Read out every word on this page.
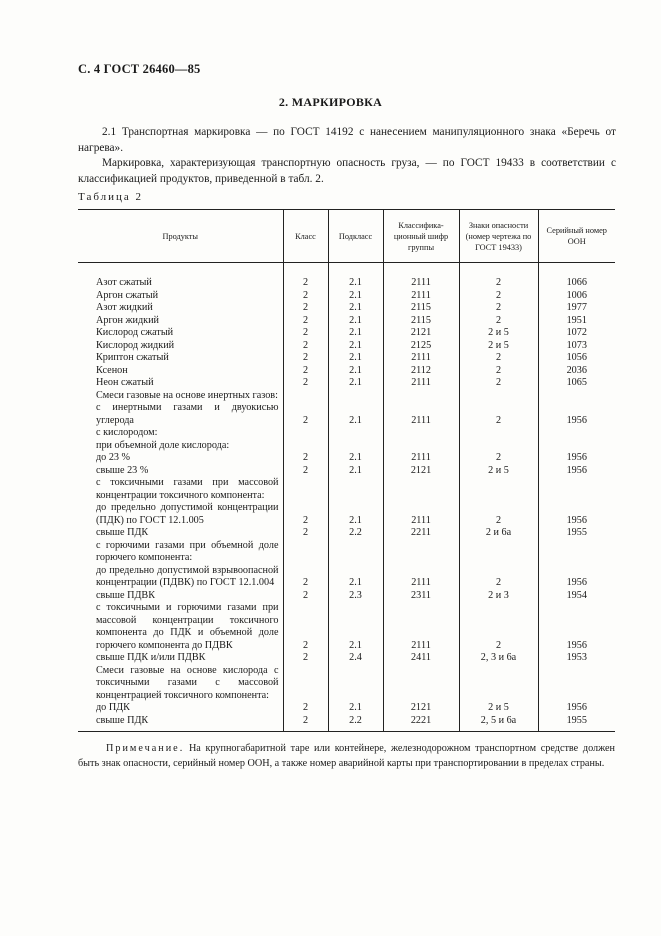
С. 4 ГОСТ 26460—85
2. МАРКИРОВКА

2.1 Транспортная маркировка — по ГОСТ 14192 с нанесением манипуляционного знака «Беречь от нагрева».

Маркировка, характеризующая транспортную опасность груза, — по ГОСТ 19433 в соответствии с классификацией продуктов, приведенной в табл. 2.

Таблица 2
Продукты	Класс	Подкласс	Классифика-ционный шифр группы	Знаки опасности (номер чертежа по ГОСТ 19433)	Серийный номер ООН

Азот сжатый	2	2.1	2111	2	1066
Аргон сжатый	2	2.1	2111	2	1006
Азот жидкий	2	2.1	2115	2	1977
Аргон жидкий	2	2.1	2115	2	1951
Кислород сжатый	2	2.1	2121	2 и 5	1072
Кислород жидкий	2	2.1	2125	2 и 5	1073
Криптон сжатый	2	2.1	2111	2	1056
Ксенон	2	2.1	2112	2	2036
Неон сжатый	2	2.1	2111	2	1065
Смеси газовые на основе инертных газов:					
с инертными газами и двуокисью углерода	2	2.1	2111	2	1956
с кислородом:					
при объемной доле кислорода:					
до 23 %	2	2.1	2111	2	1956
свыше 23 %	2	2.1	2121	2 и 5	1956
с токсичными газами при массовой концентрации токсичного компонента:					
до предельно допустимой концентрации (ПДК) по ГОСТ 12.1.005	2	2.1	2111	2	1956
свыше ПДК	2	2.2	2211	2 и 6а	1955
с горючими газами при объемной доле горючего компонента:					
до предельно допустимой взрывоопасной концентрации (ПДВК) по ГОСТ 12.1.004	2	2.1	2111	2	1956
свыше ПДВК	2	2.3	2311	2 и 3	1954
с токсичными и горючими газами при массовой концентрации токсичного компонента до ПДК и объемной доле горючего компонента до ПДВК	2	2.1	2111	2	1956
свыше ПДК и/или ПДВК	2	2.4	2411	2, 3 и 6а	1953
Смеси газовые на основе кислорода с токсичными газами с массовой концентрацией токсичного компонента:					
до ПДК	2	2.1	2121	2 и 5	1956
свыше ПДК	2	2.2	2221	2, 5 и 6а	1955

Примечание. На крупногабаритной таре или контейнере, железнодорожном транспортном средстве должен быть знак опасности, серийный номер ООН, а также номер аварийной карты при транспортировании в пределах страны.
